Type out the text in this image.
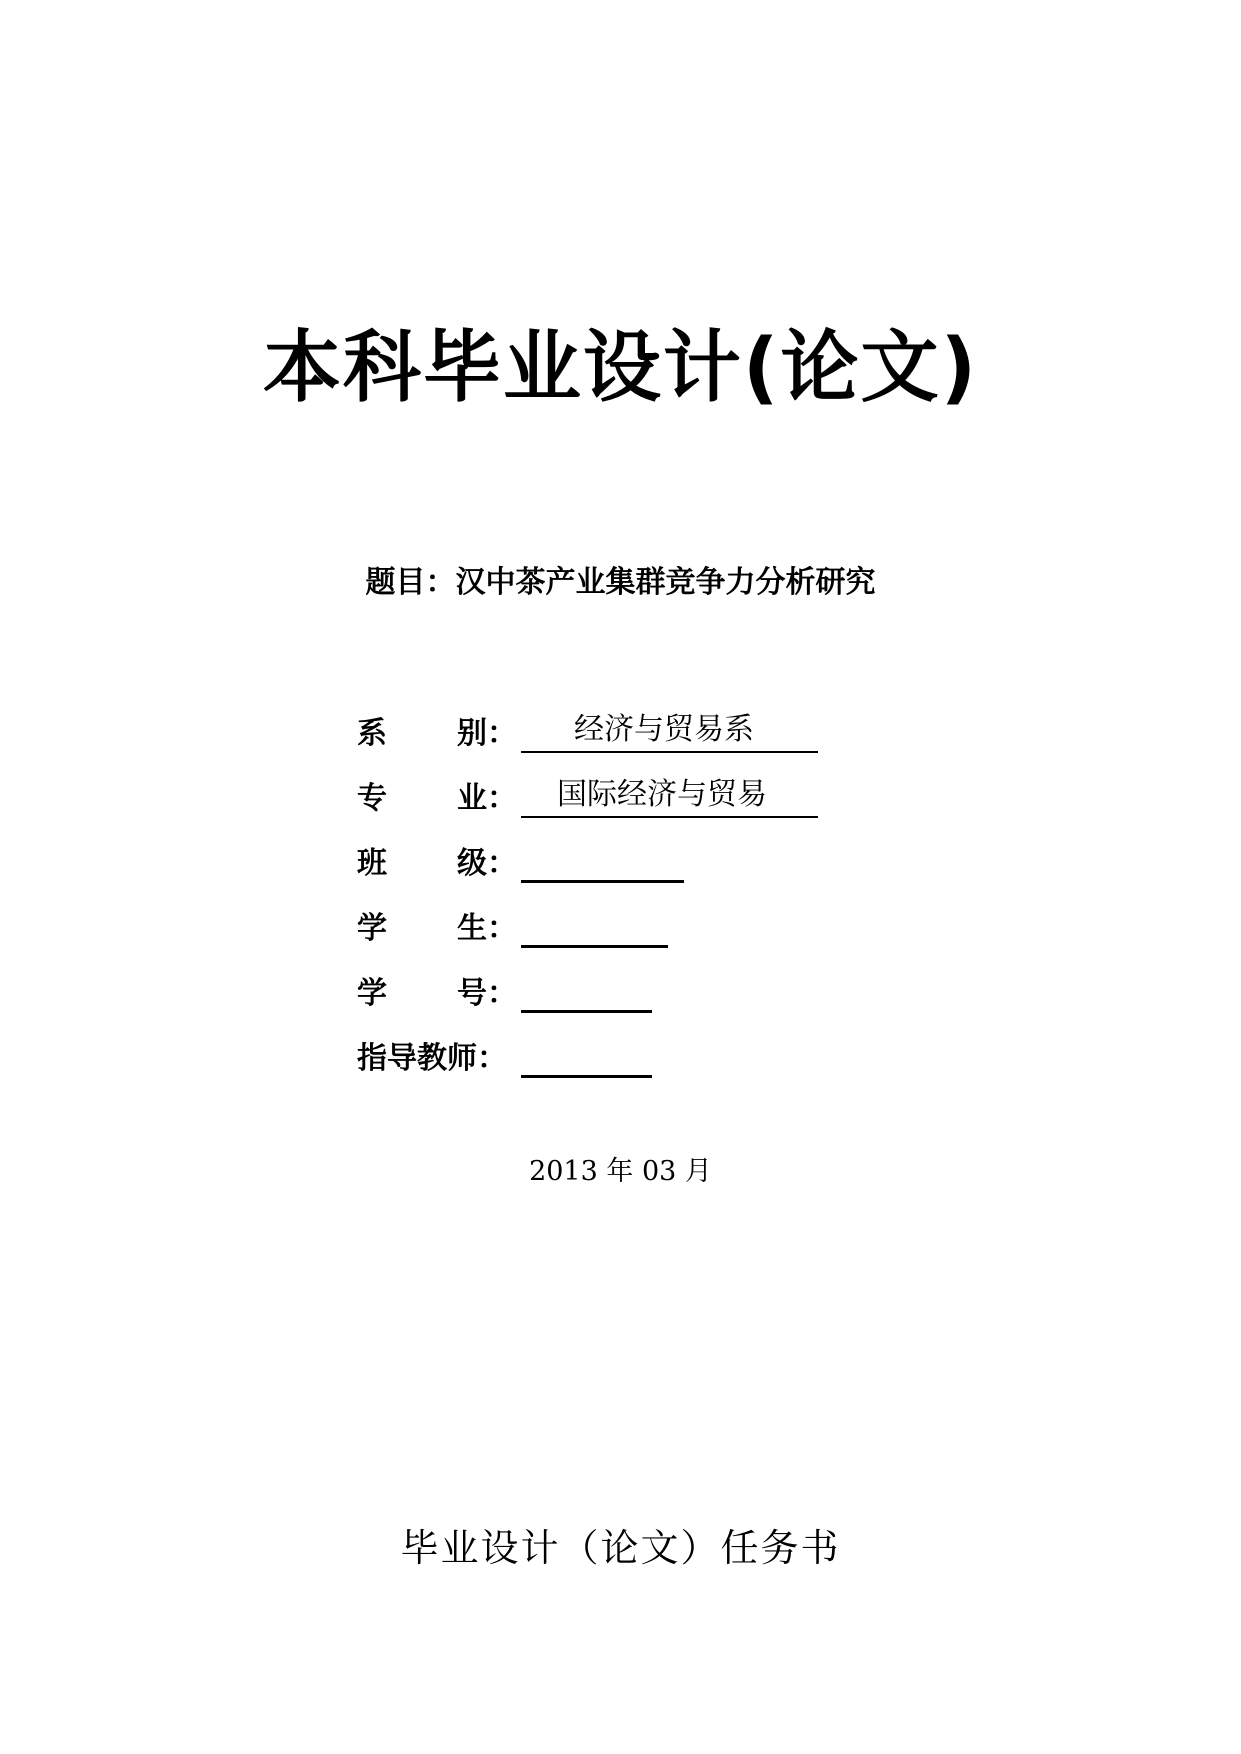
本科毕业设计(论文)
题目：汉中茶产业集群竞争力分析研究
系 别： 经济与贸易系
专 业： 国际经济与贸易
班 级：
学 生：
学 号：
指导教师：
2013 年 03 月
毕业设计（论文）任务书
